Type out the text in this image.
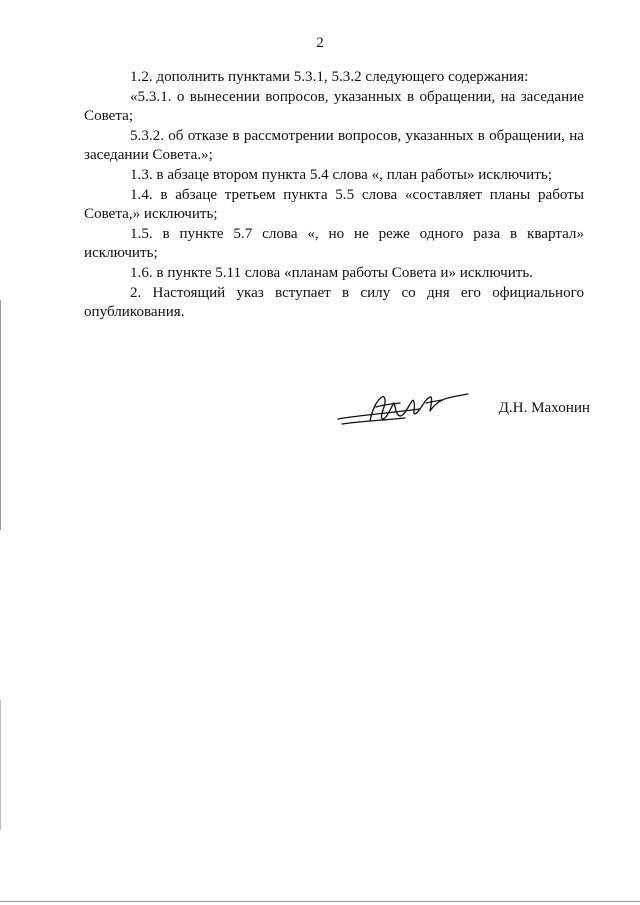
2

1.2. дополнить пунктами 5.3.1, 5.3.2 следующего содержания:

«5.3.1. о вынесении вопросов, указанных в обращении, на заседание Совета;

5.3.2. об отказе в рассмотрении вопросов, указанных в обращении, на заседании Совета.»;

1.3. в абзаце втором пункта 5.4 слова «, план работы» исключить;

1.4. в абзаце третьем пункта 5.5 слова «составляет планы работы Совета,» исключить;

1.5. в пункте 5.7 слова «, но не реже одного раза в квартал» исключить;

1.6. в пункте 5.11 слова «планам работы Совета и» исключить.

2. Настоящий указ вступает в силу со дня его официального опубликования.

Д.Н. Махонин
